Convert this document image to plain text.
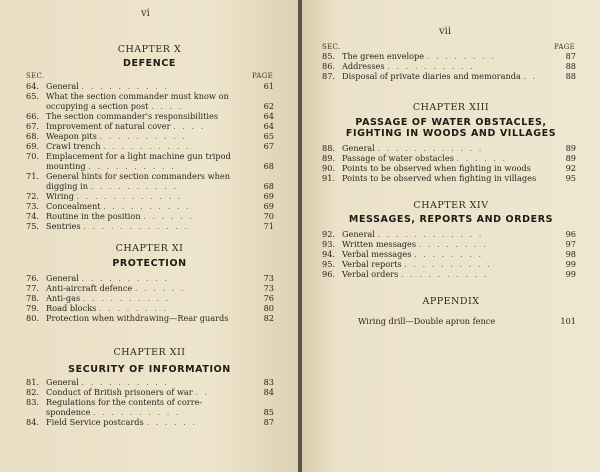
vi
CHAPTER X
DEFENCE
SEC.	PAGE
64. General . . . . . . . . . .	61
65. What the section commander must know on
occupying a section post . . . .	62
66. The section commander's responsibilities	64
67. Improvement of natural cover . . . .	64
68. Weapon pits . . . . . . . . . .	65
69. Crawl trench . . . . . . . . . .	67
70. Emplacement for a light machine gun tripod
mounting . . . . . . . . . .	68
71. General hints for section commanders when
digging in . . . . . . . . . .	68
72. Wiring . . . . . . . . . . . .	69
73. Concealment . . . . . . . . . .	69
74. Routine in the position . . . . . .	70
75. Sentries . . . . . . . . . . . .	71
CHAPTER XI
PROTECTION
76. General . . . . . . . . . .	73
77. Anti-aircraft defence . . . . . .	73
78. Anti-gas . . . . . . . . . .	76
79. Road blocks . . . . . . . .	80
80. Protection when withdrawing—Rear guards	82
CHAPTER XII
SECURITY OF INFORMATION
81. General . . . . . . . . . .	83
82. Conduct of British prisoners of war . .	84
83. Regulations for the contents of corre-
spondence . . . . . . . . . .	85
84. Field Service postcards . . . . . .	87
vii
SEC.	PAGE
85. The green envelope . . . . . . . .	87
86. Addresses . . . . . . . . . .	88
87. Disposal of private diaries and memoranda . .	88
CHAPTER XIII
PASSAGE OF WATER OBSTACLES,
FIGHTING IN WOODS AND VILLAGES
88. General . . . . . . . . . . . .	89
89. Passage of water obstacles . . . . . .	89
90. Points to be observed when fighting in woods	92
91. Points to be observed when fighting in villages	95
CHAPTER XIV
MESSAGES, REPORTS AND ORDERS
92. General . . . . . . . . . . . .	96
93. Written messages . . . . . . . .	97
94. Verbal messages . . . . . . . .	98
95. Verbal reports . . . . . . . . . .	99
96. Verbal orders . . . . . . . . . .	99
APPENDIX
Wiring drill—Double apron fence	101
